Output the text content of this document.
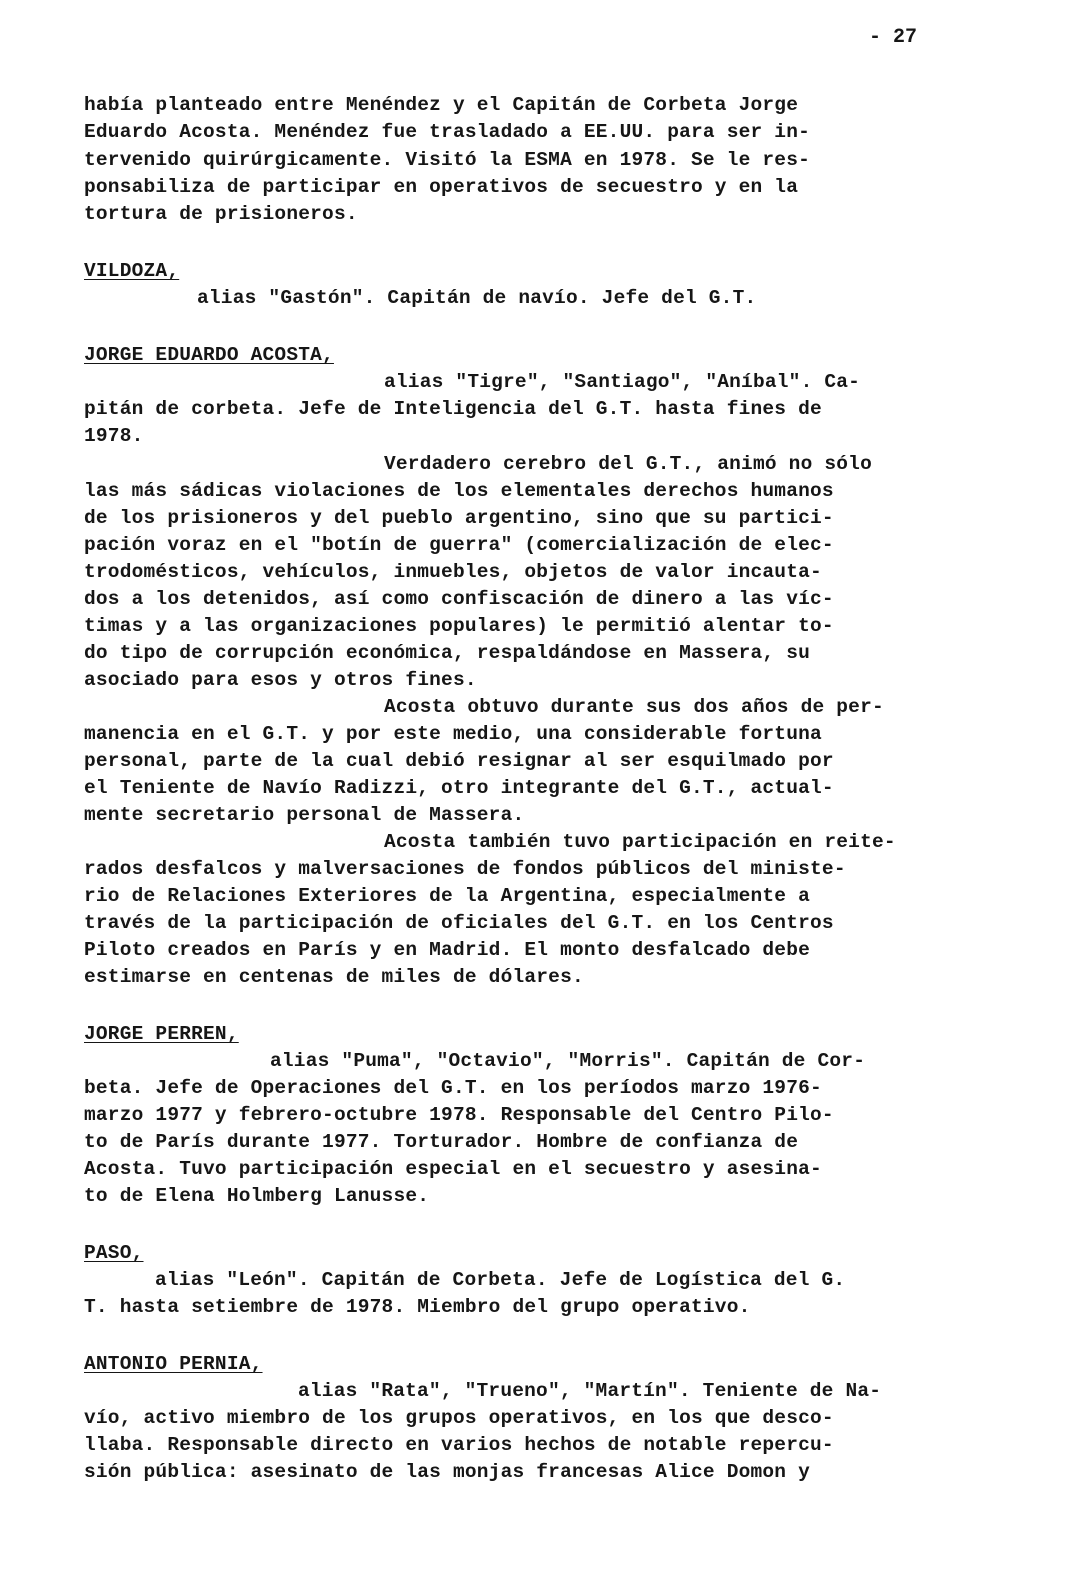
- 27
había planteado entre Menéndez y el Capitán de Corbeta Jorge
Eduardo Acosta. Menéndez fue trasladado a EE.UU. para ser in-
tervenido quirúrgicamente. Visitó la ESMA en 1978. Se le res-
ponsabiliza de participar en operativos de secuestro y en la
tortura de prisioneros.
VILDOZA,
alias "Gastón". Capitán de navío. Jefe del G.T.
JORGE EDUARDO ACOSTA,
alias "Tigre", "Santiago", "Aníbal". Ca-
pitán de corbeta. Jefe de Inteligencia del G.T. hasta fines de
1978.
Verdadero cerebro del G.T., animó no sólo
las más sádicas violaciones de los elementales derechos humanos
de los prisioneros y del pueblo argentino, sino que su partici-
pación voraz en el "botín de guerra" (comercialización de elec-
trodomésticos, vehículos, inmuebles, objetos de valor incauta-
dos a los detenidos, así como confiscación de dinero a las víc-
timas y a las organizaciones populares) le permitió alentar to-
do tipo de corrupción económica, respaldándose en Massera, su
asociado para esos y otros fines.
Acosta obtuvo durante sus dos años de per-
manencia en el G.T. y por este medio, una considerable fortuna
personal, parte de la cual debió resignar al ser esquilmado por
el Teniente de Navío Radizzi, otro integrante del G.T., actual-
mente secretario personal de Massera.
Acosta también tuvo participación en reite-
rados desfalcos y malversaciones de fondos públicos del ministe-
rio de Relaciones Exteriores de la Argentina, especialmente a
través de la participación de oficiales del G.T. en los Centros
Piloto creados en París y en Madrid. El monto desfalcado debe
estimarse en centenas de miles de dólares.
JORGE PERREN,
alias "Puma", "Octavio", "Morris". Capitán de Cor-
beta. Jefe de Operaciones del G.T. en los períodos marzo 1976-
marzo 1977 y febrero-octubre 1978. Responsable del Centro Pilo-
to de París durante 1977. Torturador. Hombre de confianza de
Acosta. Tuvo participación especial en el secuestro y asesina-
to de Elena Holmberg Lanusse.
PASO,
alias "León". Capitán de Corbeta. Jefe de Logística del G.
T. hasta setiembre de 1978. Miembro del grupo operativo.
ANTONIO PERNIA,
alias "Rata", "Trueno", "Martín". Teniente de Na-
vío, activo miembro de los grupos operativos, en los que desco-
llaba. Responsable directo en varios hechos de notable repercu-
sión pública: asesinato de las monjas francesas Alice Domon y
